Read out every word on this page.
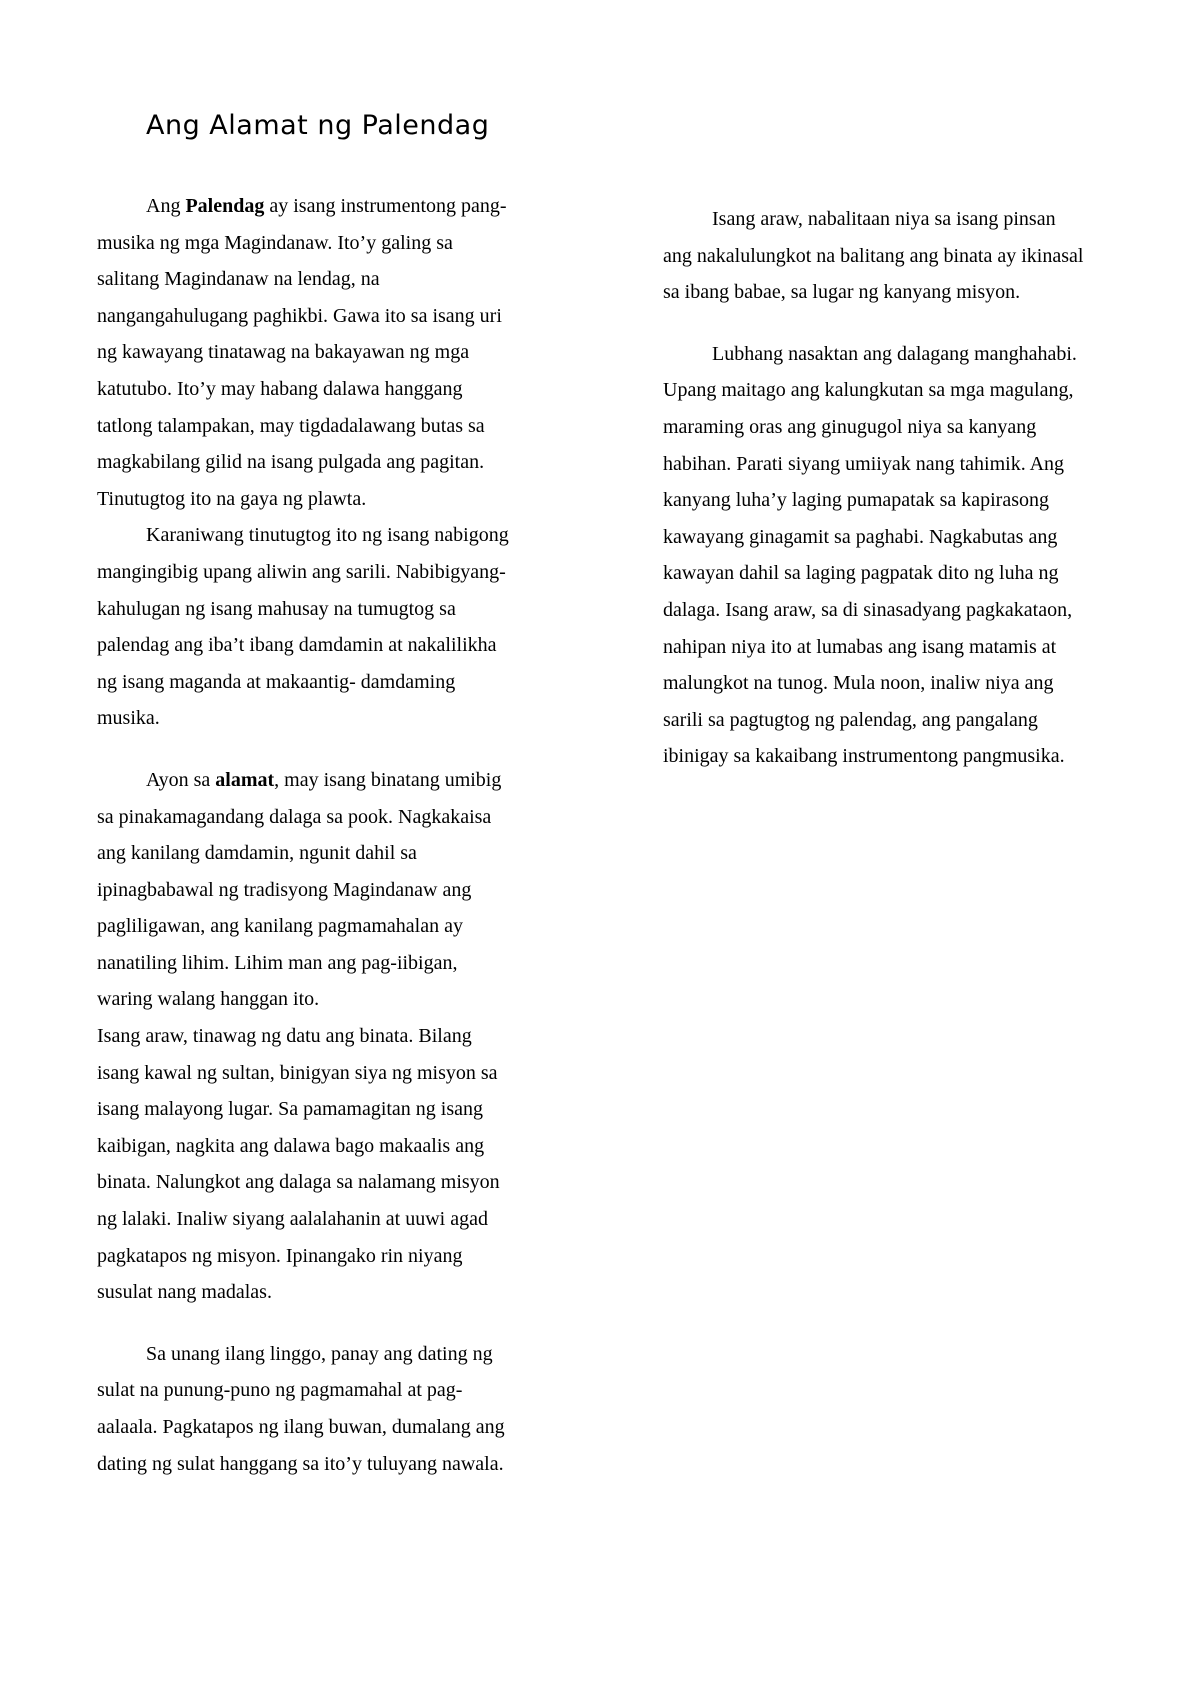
Ang Alamat ng Palendag
Ang Palendag ay isang instrumentong pang-
musika ng mga Magindanaw. Ito’y galing sa
salitang Magindanaw na lendag, na
nangangahulugang paghikbi. Gawa ito sa isang uri
ng kawayang tinatawag na bakayawan ng mga
katutubo. Ito’y may habang dalawa hanggang
tatlong talampakan, may tigdadalawang butas sa
magkabilang gilid na isang pulgada ang pagitan.
Tinutugtog ito na gaya ng plawta.
Karaniwang tinutugtog ito ng isang nabigong
mangingibig upang aliwin ang sarili. Nabibigyang-
kahulugan ng isang mahusay na tumugtog sa
palendag ang iba’t ibang damdamin at nakalilikha
ng isang maganda at makaantig- damdaming
musika.
Ayon sa alamat, may isang binatang umibig
sa pinakamagandang dalaga sa pook. Nagkakaisa
ang kanilang damdamin, ngunit dahil sa
ipinagbabawal ng tradisyong Magindanaw ang
pagliligawan, ang kanilang pagmamahalan ay
nanatiling lihim. Lihim man ang pag-iibigan,
waring walang hanggan ito.
Isang araw, tinawag ng datu ang binata. Bilang
isang kawal ng sultan, binigyan siya ng misyon sa
isang malayong lugar. Sa pamamagitan ng isang
kaibigan, nagkita ang dalawa bago makaalis ang
binata. Nalungkot ang dalaga sa nalamang misyon
ng lalaki. Inaliw siyang aalalahanin at uuwi agad
pagkatapos ng misyon. Ipinangako rin niyang
susulat nang madalas.
Sa unang ilang linggo, panay ang dating ng
sulat na punung-puno ng pagmamahal at pag-
aalaala. Pagkatapos ng ilang buwan, dumalang ang
dating ng sulat hanggang sa ito’y tuluyang nawala.
Isang araw, nabalitaan niya sa isang pinsan
ang nakalulungkot na balitang ang binata ay ikinasal
sa ibang babae, sa lugar ng kanyang misyon.
Lubhang nasaktan ang dalagang manghahabi.
Upang maitago ang kalungkutan sa mga magulang,
maraming oras ang ginugugol niya sa kanyang
habihan. Parati siyang umiiyak nang tahimik. Ang
kanyang luha’y laging pumapatak sa kapirasong
kawayang ginagamit sa paghabi. Nagkabutas ang
kawayan dahil sa laging pagpatak dito ng luha ng
dalaga. Isang araw, sa di sinasadyang pagkakataon,
nahipan niya ito at lumabas ang isang matamis at
malungkot na tunog. Mula noon, inaliw niya ang
sarili sa pagtugtog ng palendag, ang pangalang
ibinigay sa kakaibang instrumentong pangmusika.
